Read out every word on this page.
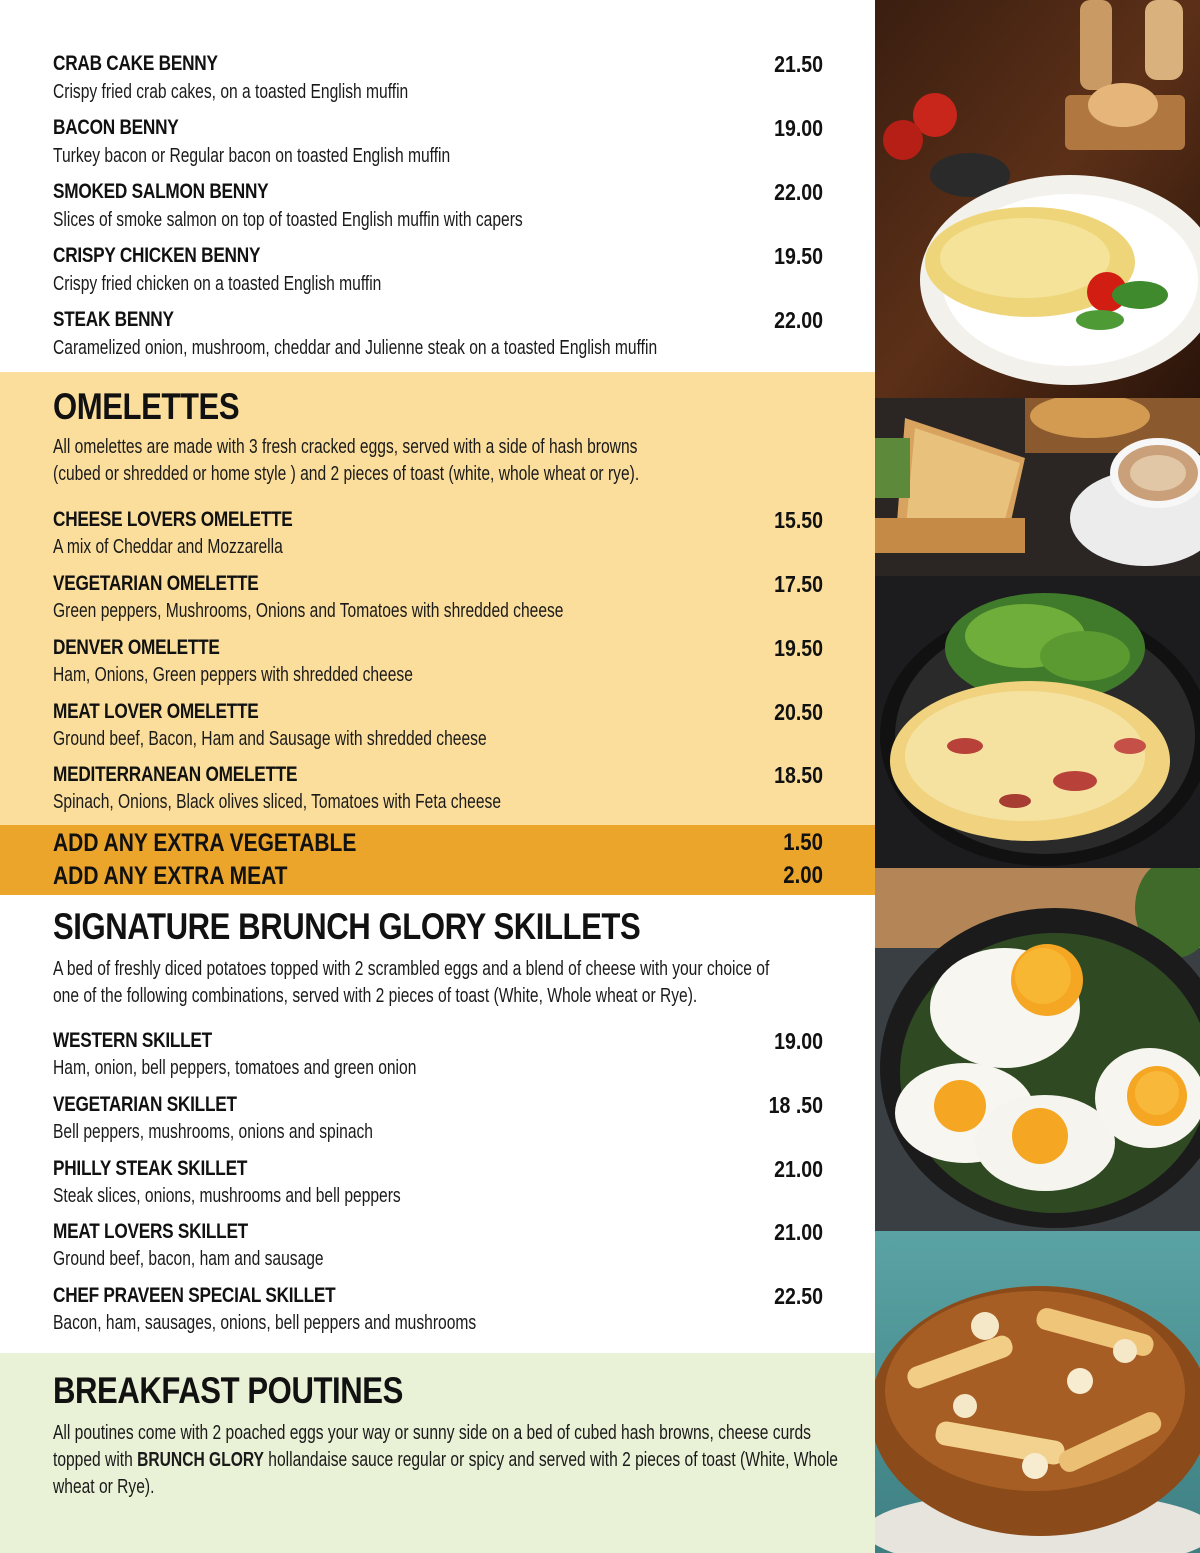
CRAB CAKE BENNY	21.50
Crispy fried crab cakes, on a toasted English muffin
BACON BENNY	19.00
Turkey bacon or Regular bacon on toasted English muffin
SMOKED SALMON BENNY	22.00
Slices of smoke salmon on top of toasted English muffin with capers
CRISPY CHICKEN BENNY	19.50
Crispy fried chicken on a toasted English muffin
STEAK BENNY	22.00
Caramelized onion, mushroom, cheddar and Julienne steak on a toasted English muffin
OMELETTES
All omelettes are made with 3 fresh cracked eggs, served with a side of hash browns
(cubed or shredded or home style ) and 2 pieces of toast (white, whole wheat or rye).
CHEESE LOVERS OMELETTE	15.50
A mix of Cheddar and Mozzarella
VEGETARIAN OMELETTE	17.50
Green peppers, Mushrooms, Onions and Tomatoes with shredded cheese
DENVER OMELETTE	19.50
Ham, Onions, Green peppers with shredded cheese
MEAT LOVER OMELETTE	20.50
Ground beef, Bacon, Ham and Sausage with shredded cheese
MEDITERRANEAN OMELETTE	18.50
Spinach, Onions, Black olives sliced, Tomatoes with Feta cheese
ADD ANY EXTRA VEGETABLE	1.50
ADD ANY EXTRA MEAT	2.00
SIGNATURE BRUNCH GLORY SKILLETS
A bed of freshly diced potatoes topped with 2 scrambled eggs and a blend of cheese with your choice of
one of the following combinations, served with 2 pieces of toast (White, Whole wheat or Rye).
WESTERN SKILLET	19.00
Ham, onion, bell peppers, tomatoes and green onion
VEGETARIAN SKILLET	18 .50
Bell peppers, mushrooms, onions and spinach
PHILLY STEAK SKILLET	21.00
Steak slices, onions, mushrooms and bell peppers
MEAT LOVERS SKILLET	21.00
Ground beef, bacon, ham and sausage
CHEF PRAVEEN SPECIAL SKILLET	22.50
Bacon, ham, sausages, onions, bell peppers and mushrooms
BREAKFAST POUTINES
All poutines come with 2 poached eggs your way or sunny side on a bed of cubed hash browns, cheese curds
topped with BRUNCH GLORY hollandaise sauce regular or spicy and served with 2 pieces of toast (White, Whole
wheat or Rye).
